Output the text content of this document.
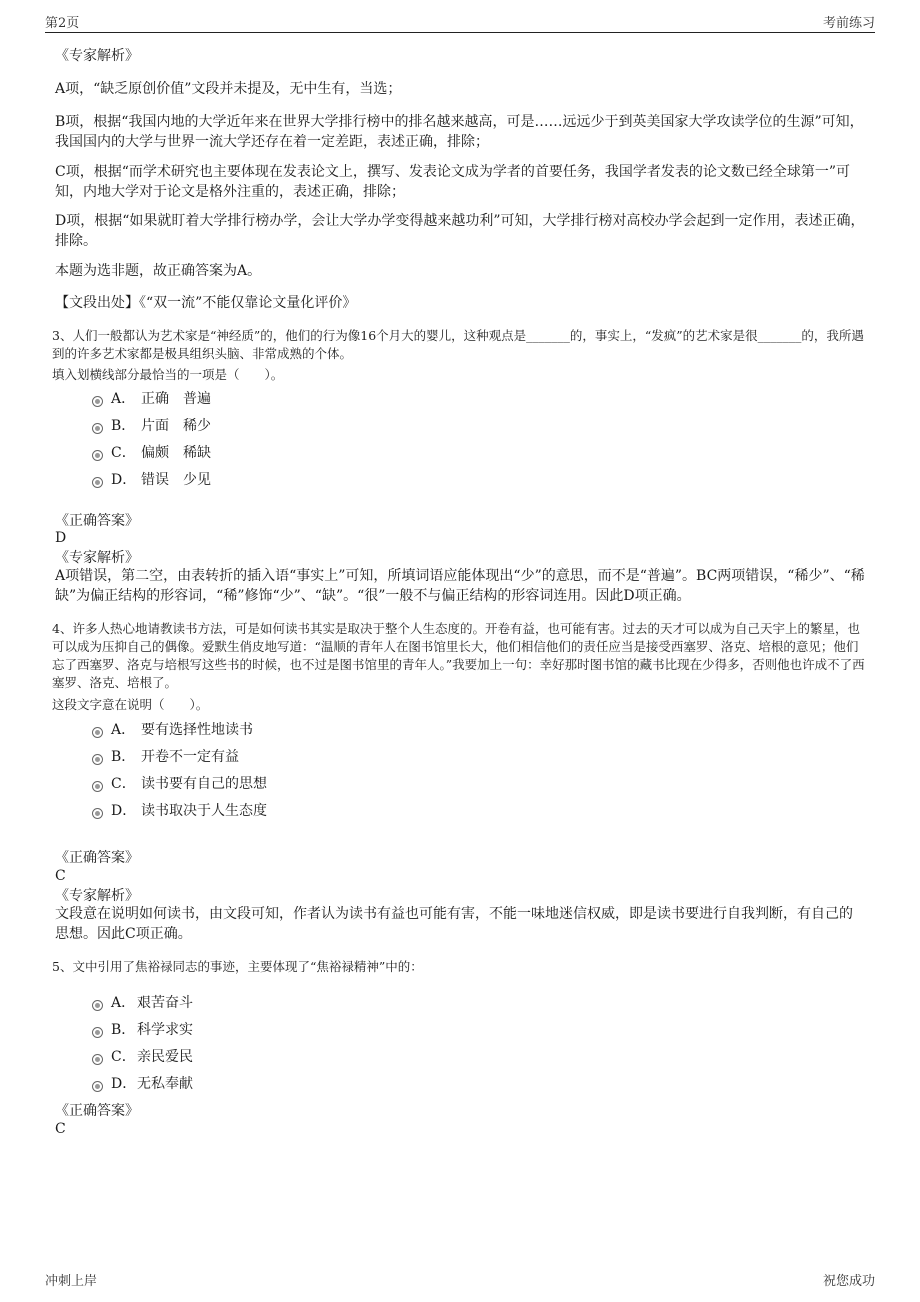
第2页	考前练习
《专家解析》
A项，“缺乏原创价值”文段并未提及，无中生有，当选；
B项，根据“我国内地的大学近年来在世界大学排行榜中的排名越来越高，可是……远远少于到英美国家大学攻读学位的生源”可知，我国国内的大学与世界一流大学还存在着一定差距，表述正确，排除；
C项，根据“而学术研究也主要体现在发表论文上，撰写、发表论文成为学者的首要任务，我国学者发表的论文数已经全球第一”可知，内地大学对于论文是格外注重的，表述正确，排除；
D项，根据“如果就盯着大学排行榜办学，会让大学办学变得越来越功利”可知，大学排行榜对高校办学会起到一定作用，表述正确，排除。
本题为选非题，故正确答案为A。
【文段出处】《“双一流”不能仅靠论文量化评价》
3、人们一般都认为艺术家是“神经质”的，他们的行为像16个月大的婴儿，这种观点是_______的，事实上，“发疯”的艺术家是很_______的，我所遇到的许多艺术家都是极具组织头脑、非常成熟的个体。
填入划横线部分最恰当的一项是（　　）。
A． 正确　普遍
B． 片面　稀少
C． 偏颇　稀缺
D． 错误　少见
《正确答案》
D
《专家解析》
A项错误，第二空，由表转折的插入语“事实上”可知，所填词语应能体现出“少”的意思，而不是“普遍”。BC两项错误，“稀少”、“稀缺”为偏正结构的形容词，“稀”修饰“少”、“缺”。“很”一般不与偏正结构的形容词连用。因此D项正确。
4、许多人热心地请教读书方法，可是如何读书其实是取决于整个人生态度的。开卷有益，也可能有害。过去的天才可以成为自己天宇上的繁星，也可以成为压抑自己的偶像。爱默生俏皮地写道：“温顺的青年人在图书馆里长大，他们相信他们的责任应当是接受西塞罗、洛克、培根的意见；他们忘了西塞罗、洛克与培根写这些书的时候，也不过是图书馆里的青年人。”我要加上一句：幸好那时图书馆的藏书比现在少得多，否则他也许成不了西塞罗、洛克、培根了。
这段文字意在说明（　　）。
A． 要有选择性地读书
B． 开卷不一定有益
C． 读书要有自己的思想
D． 读书取决于人生态度
《正确答案》
C
《专家解析》
文段意在说明如何读书，由文段可知，作者认为读书有益也可能有害，不能一味地迷信权威，即是读书要进行自我判断，有自己的思想。因此C项正确。
5、文中引用了焦裕禄同志的事迹，主要体现了“焦裕禄精神”中的：
A． 艰苦奋斗
B． 科学求实
C． 亲民爱民
D． 无私奉献
《正确答案》
C
冲刺上岸	祝您成功
